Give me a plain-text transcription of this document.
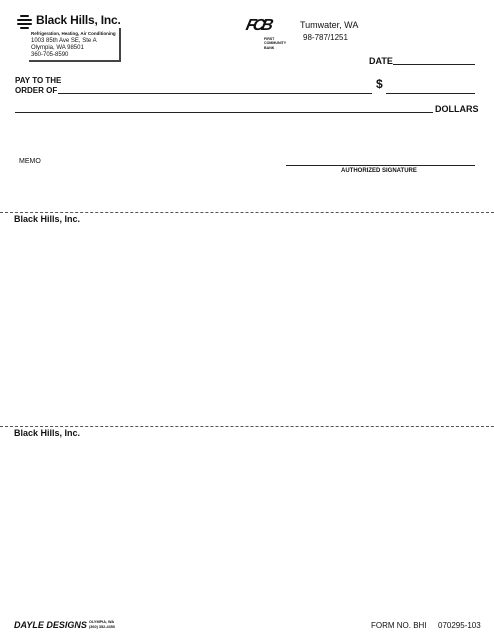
Black Hills, Inc.
Refrigeration, Heating, Air Conditioning
1003 85th Ave SE, Ste A
Olympia, WA 98501
360-705-8590
FCB
FIRST
COMMUNITY
BANK
Tumwater, WA
98-787/1251
DATE
PAY TO THE
ORDER OF	$
DOLLARS
MEMO
AUTHORIZED SIGNATURE
Black Hills, Inc.
Black Hills, Inc.
DAYLE DESIGNS OLYMPIA, WA
(360) 352-4350	FORM NO. BHI 070295-103
